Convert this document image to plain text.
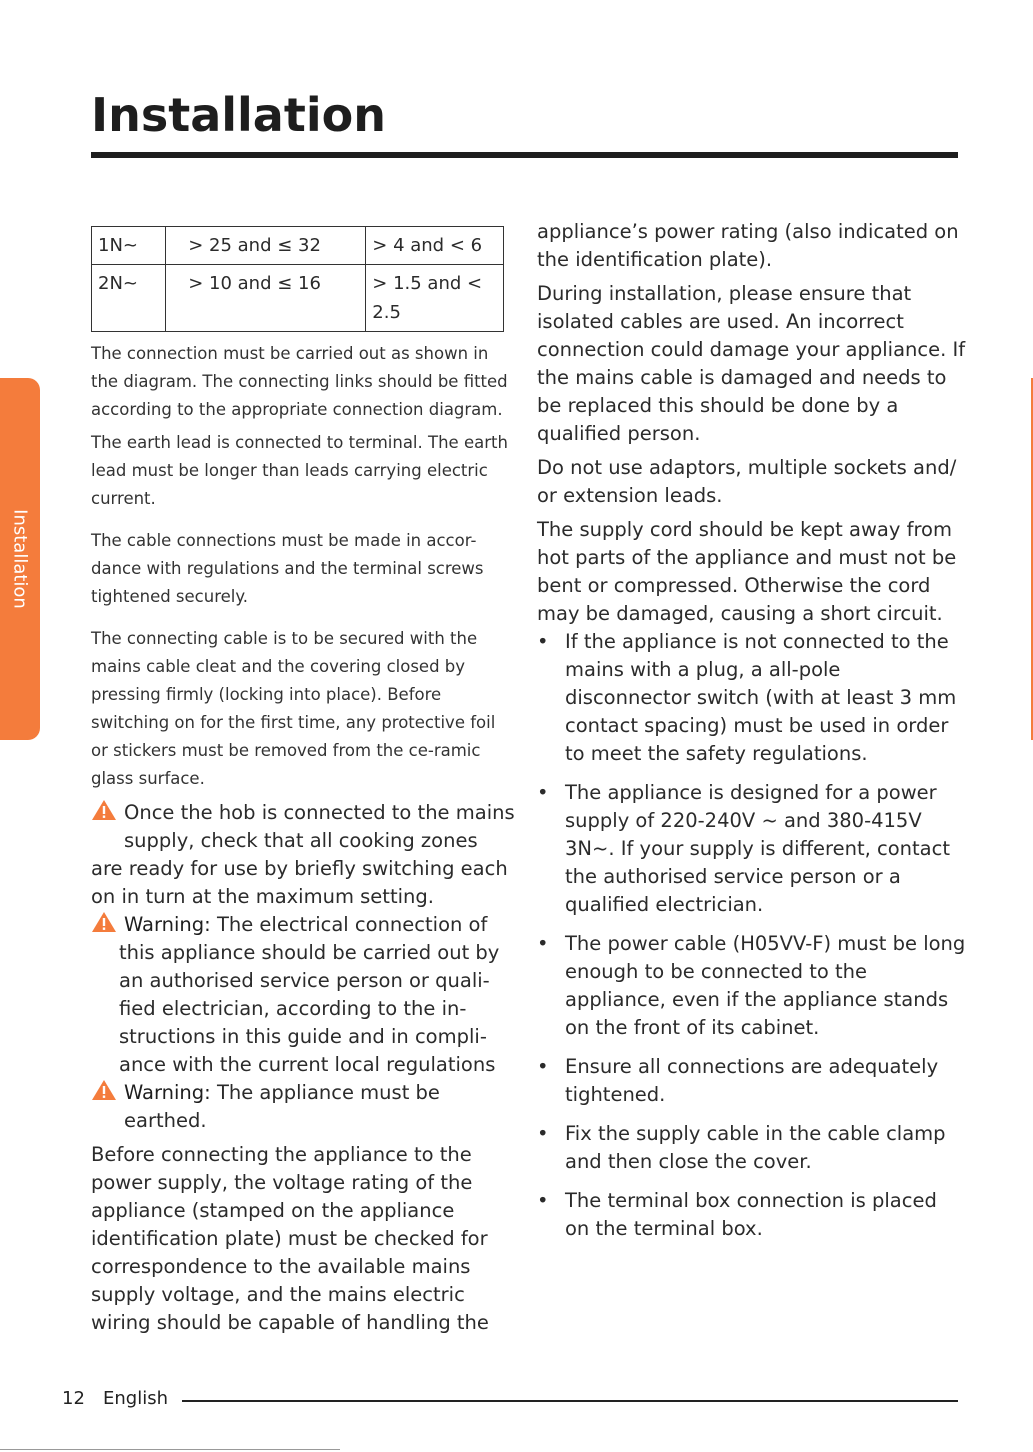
Installation
Installation
1N~	> 25 and ≤ 32	> 4 and < 6
2N~	> 10 and ≤ 16	> 1.5 and <
2.5

The connection must be carried out as shown in the diagram. The connecting links should be fitted according to the appropriate connection diagram.

The earth lead is connected to terminal. The earth lead must be longer than leads carrying electric current.

The cable connections must be made in accor-dance with regulations and the terminal screws tightened securely.

The connecting cable is to be secured with the mains cable cleat and the covering closed by pressing firmly (locking into place). Before switching on for the first time, any protective foil or stickers must be removed from the ce-ramic glass surface.

Once the hob is connected to the mains
supply, check that all cooking zones are ready for use by briefly switching each on in turn at the maximum setting.
Warning: The electrical connection of this appliance should be carried out by an authorised service person or quali-fied electrician, according to the in-structions in this guide and in compli-ance with the current local regulations
Warning: The appliance must be earthed.

Before connecting the appliance to the power supply, the voltage rating of the appliance (stamped on the appliance identification plate) must be checked for correspondence to the available mains supply voltage, and the mains electric wiring should be capable of handling the

appliance’s power rating (also indicated on the identification plate).

During installation, please ensure that isolated cables are used. An incorrect connection could damage your appliance. If the mains cable is damaged and needs to be replaced this should be done by a qualified person.

Do not use adaptors, multiple sockets and/ or extension leads.

The supply cord should be kept away from hot parts of the appliance and must not be bent or compressed. Otherwise the cord may be damaged, causing a short circuit.

• If the appliance is not connected to the mains with a plug, a all-pole disconnector switch (with at least 3 mm contact spacing) must be used in order to meet the safety regulations.
• The appliance is designed for a power supply of 220-240V ~ and 380-415V 3N~. If your supply is different, contact the authorised service person or a qualified electrician.
• The power cable (H05VV-F) must be long enough to be connected to the appliance, even if the appliance stands on the front of its cabinet.
• Ensure all connections are adequately tightened.
• Fix the supply cable in the cable clamp and then close the cover.
• The terminal box connection is placed on the terminal box.
12 English
